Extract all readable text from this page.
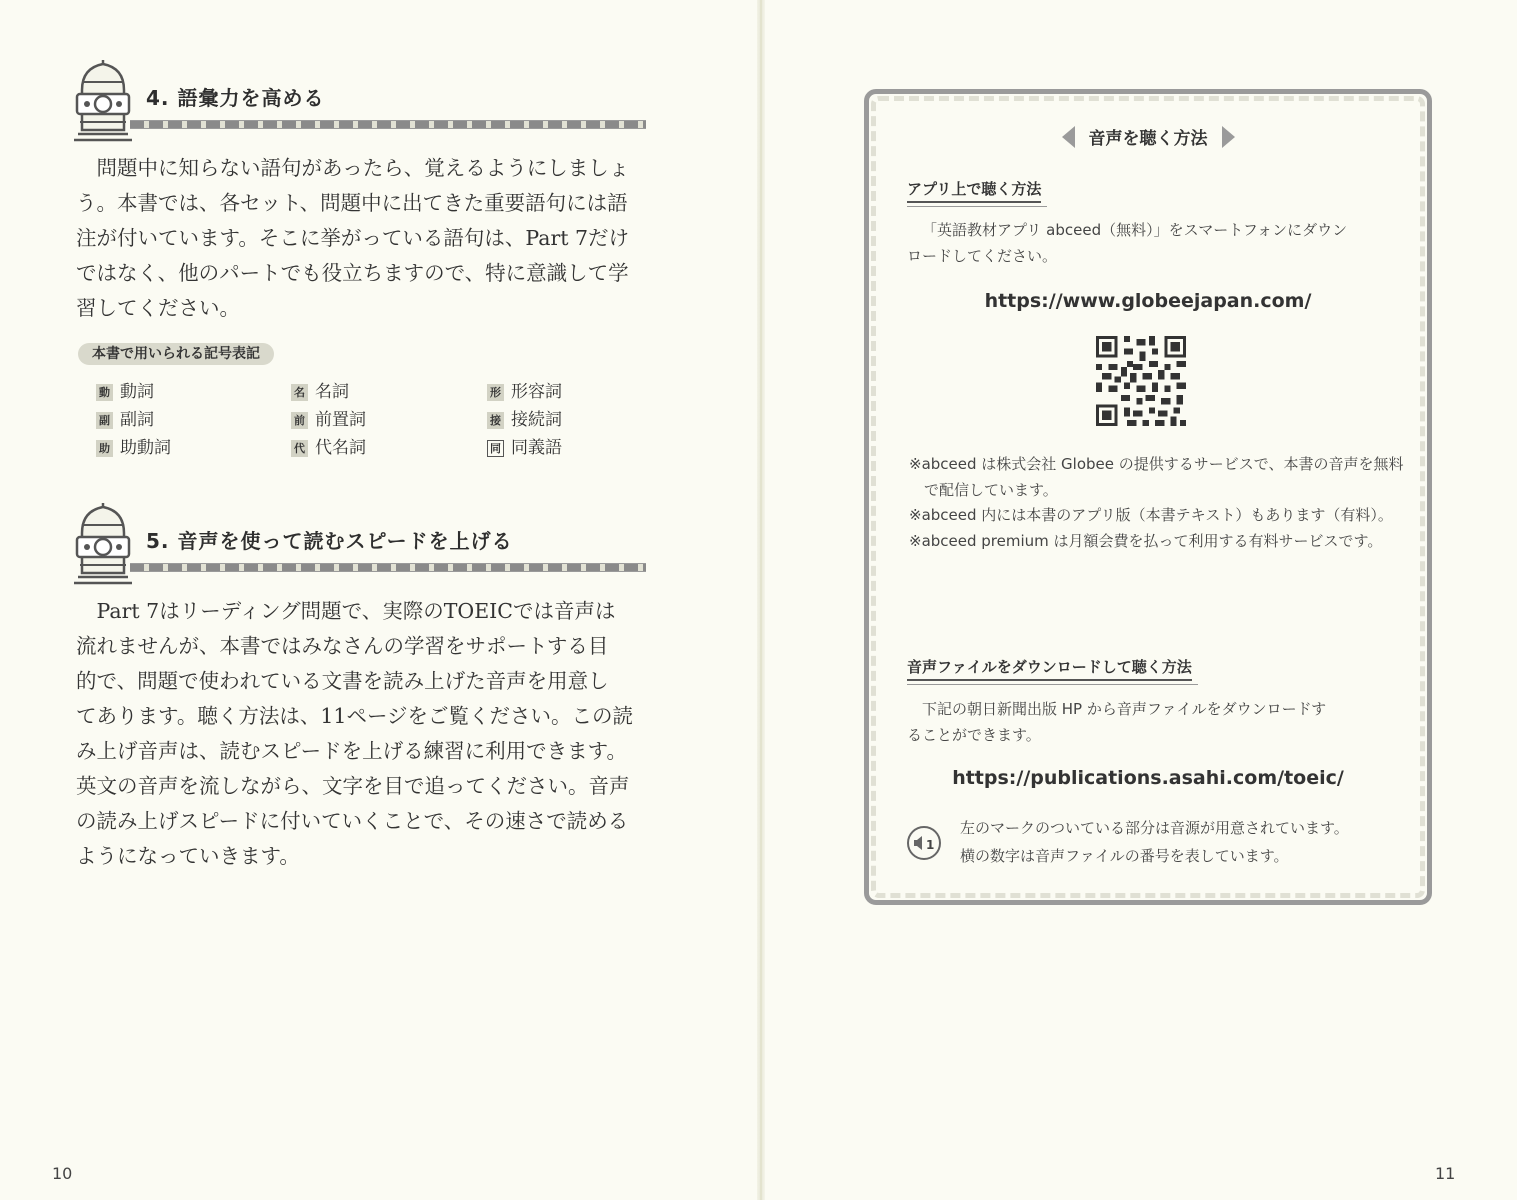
4. 語彙力を高める
問題中に知らない語句があったら、覚えるようにしましょ
う。本書では、各セット、問題中に出てきた重要語句には語
注が付いています。そこに挙がっている語句は、Part 7だけ
ではなく、他のパートでも役立ちますので、特に意識して学
習してください。
本書で用いられる記号表記
動 動詞	名 名詞	形 形容詞
副 副詞	前 前置詞	接 接続詞
助 助動詞	代 代名詞	同 同義語
5. 音声を使って読むスピードを上げる
Part 7はリーディング問題で、実際のTOEICでは音声は
流れませんが、本書ではみなさんの学習をサポートする目
的で、問題で使われている文書を読み上げた音声を用意し
てあります。聴く方法は、11ページをご覧ください。この読
み上げ音声は、読むスピードを上げる練習に利用できます。
英文の音声を流しながら、文字を目で追ってください。音声
の読み上げスピードに付いていくことで、その速さで読める
ようになっていきます。
10
音声を聴く方法
アプリ上で聴く方法
「英語教材アプリ abceed（無料）」をスマートフォンにダウン
ロードしてください。
https://www.globeejapan.com/

※abceed は株式会社 Globee の提供するサービスで、本書の音声を無料で配信しています。

※abceed 内には本書のアプリ版（本書テキスト）もあります（有料）。

※abceed premium は月額会費を払って利用する有料サービスです。

音声ファイルをダウンロードして聴く方法
下記の朝日新聞出版 HP から音声ファイルをダウンロードす
ることができます。
https://publications.asahi.com/toeic/
1
左のマークのついている部分は音源が用意されています。
横の数字は音声ファイルの番号を表しています。
11
